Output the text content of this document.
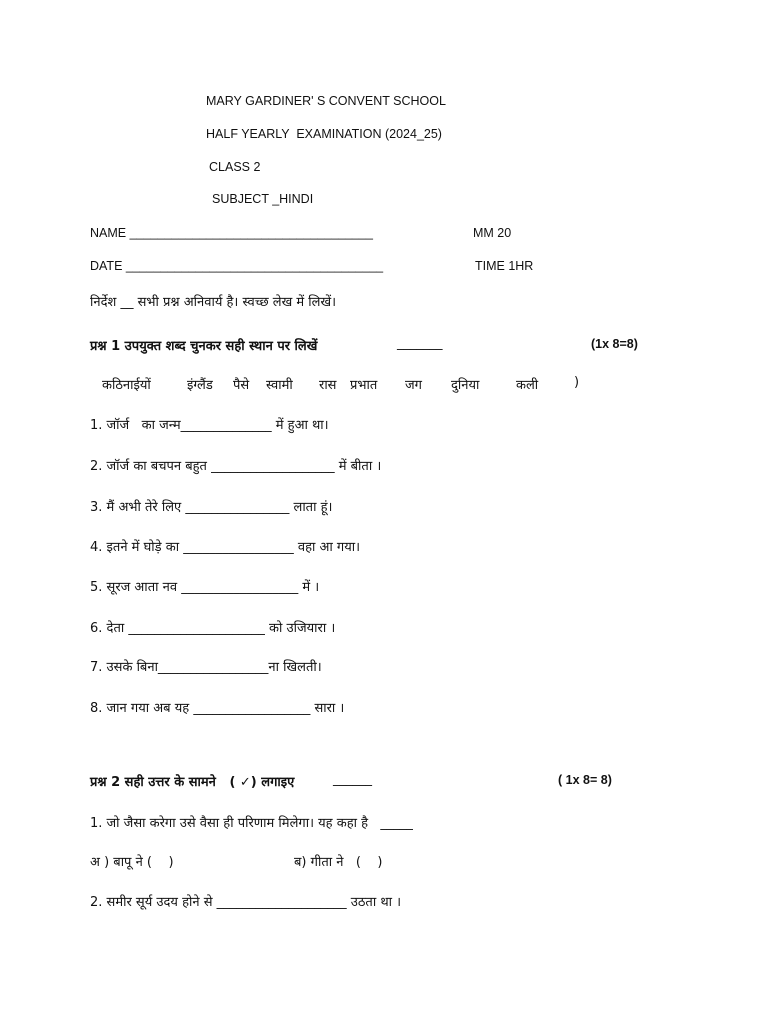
MARY GARDINER' S CONVENT SCHOOL
HALF YEARLY  EXAMINATION (2024_25)
CLASS 2
SUBJECT _HINDI
NAME ___________________________________	MM 20
DATE _____________________________________	TIME 1HR
निर्देश __ सभी प्रश्न अनिवार्य है। स्वच्छ लेख में लिखें।
प्रश्न 1 उपयुक्त शब्द चुनकर सही स्थान पर लिखें	_______	(1x 8=8)

कठिनाईयों

	इंग्लैंड

पैसे

स्वामी

रास

प्रभात

जग

दुनिया

	कली

	)

1. जॉर्ज   का जन्म______________ में हुआ था।
2. जॉर्ज का बचपन बहुत ___________________ में बीता ।
3. मैं अभी तेरे लिए ________________ लाता हूं।
4. इतने में घोड़े का _________________ वहा आ गया।
5. सूरज आता नव __________________ में ।
6. देता _____________________ को उजियारा ।
7. उसके बिना_________________ना खिलती।
8. जान गया अब यह __________________ सारा ।
प्रश्न 2 सही उत्तर के सामने   ( ✓) लगाइए	______	( 1x 8= 8)
1. जो जैसा करेगा उसे वैसा ही परिणाम मिलेगा। यह कहा है   _____
अ ) बापू ने (    )	ब) गीता ने   (    )
2. समीर सूर्य उदय होने से ____________________ उठता था ।
